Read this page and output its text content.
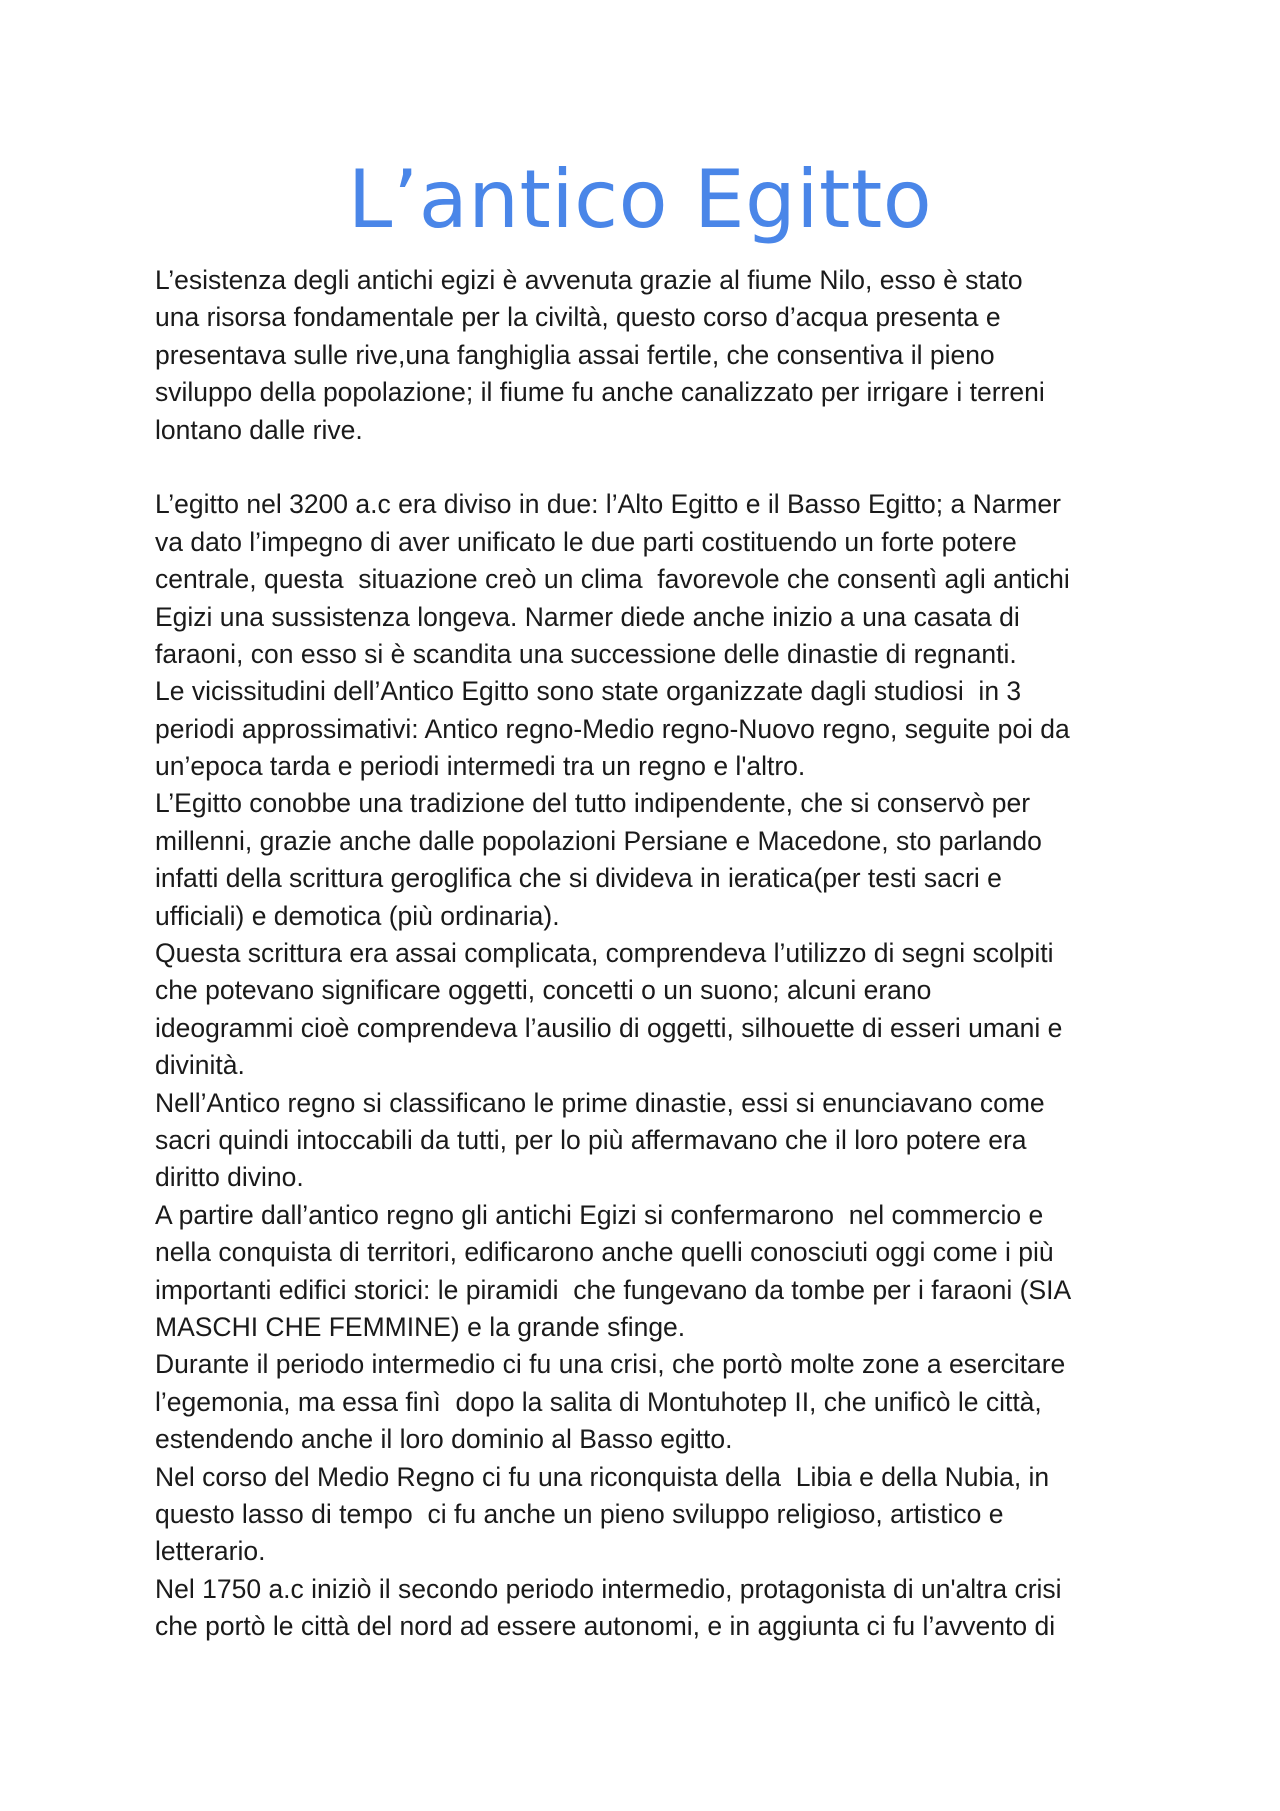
L’antico Egitto
L’esistenza degli antichi egizi è avvenuta grazie al fiume Nilo, esso è stato
una risorsa fondamentale per la civiltà, questo corso d’acqua presenta e
presentava sulle rive,una fanghiglia assai fertile, che consentiva il pieno
sviluppo della popolazione; il fiume fu anche canalizzato per irrigare i terreni
lontano dalle rive.
L’egitto nel 3200 a.c era diviso in due: l’Alto Egitto e il Basso Egitto; a Narmer
va dato l’impegno di aver unificato le due parti costituendo un forte potere
centrale, questa  situazione creò un clima  favorevole che consentì agli antichi
Egizi una sussistenza longeva. Narmer diede anche inizio a una casata di
faraoni, con esso si è scandita una successione delle dinastie di regnanti.
Le vicissitudini dell’Antico Egitto sono state organizzate dagli studiosi  in 3
periodi approssimativi: Antico regno-Medio regno-Nuovo regno, seguite poi da
un’epoca tarda e periodi intermedi tra un regno e l'altro.
L’Egitto conobbe una tradizione del tutto indipendente, che si conservò per
millenni, grazie anche dalle popolazioni Persiane e Macedone, sto parlando
infatti della scrittura geroglifica che si divideva in ieratica(per testi sacri e
ufficiali) e demotica (più ordinaria).
Questa scrittura era assai complicata, comprendeva l’utilizzo di segni scolpiti
che potevano significare oggetti, concetti o un suono; alcuni erano
ideogrammi cioè comprendeva l’ausilio di oggetti, silhouette di esseri umani e
divinità.
Nell’Antico regno si classificano le prime dinastie, essi si enunciavano come
sacri quindi intoccabili da tutti, per lo più affermavano che il loro potere era
diritto divino.
A partire dall’antico regno gli antichi Egizi si confermarono  nel commercio e
nella conquista di territori, edificarono anche quelli conosciuti oggi come i più
importanti edifici storici: le piramidi  che fungevano da tombe per i faraoni (SIA
MASCHI CHE FEMMINE) e la grande sfinge.
Durante il periodo intermedio ci fu una crisi, che portò molte zone a esercitare
l’egemonia, ma essa finì  dopo la salita di Montuhotep II, che unificò le città,
estendendo anche il loro dominio al Basso egitto.
Nel corso del Medio Regno ci fu una riconquista della  Libia e della Nubia, in
questo lasso di tempo  ci fu anche un pieno sviluppo religioso, artistico e
letterario.
Nel 1750 a.c iniziò il secondo periodo intermedio, protagonista di un'altra crisi
che portò le città del nord ad essere autonomi, e in aggiunta ci fu l’avvento di
